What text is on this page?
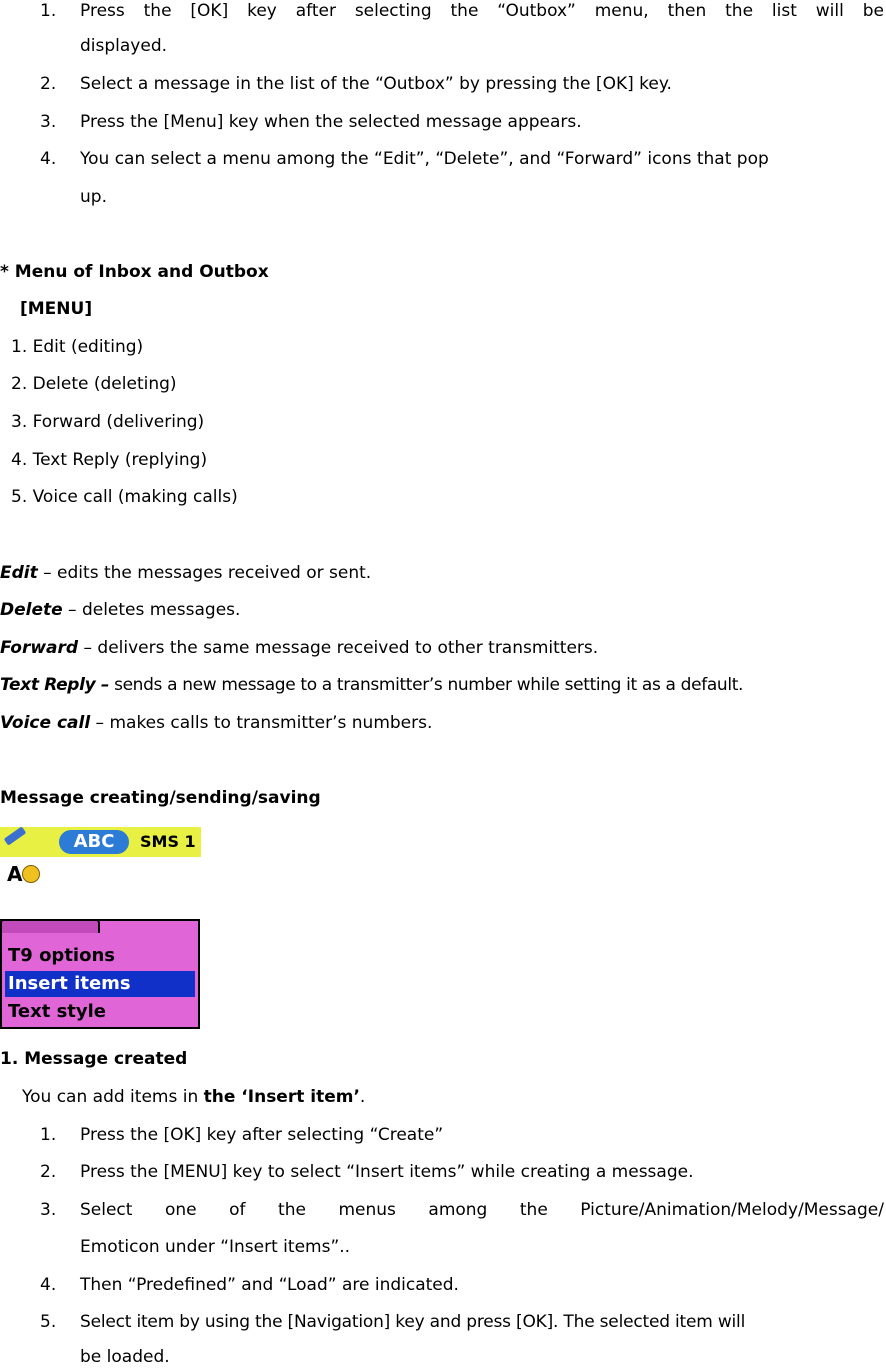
1. Press the [OK] key after selecting the “Outbox” menu, then the list will be
displayed.
2. Select a message in the list of the “Outbox” by pressing the [OK] key.
3. Press the [Menu] key when the selected message appears.
4. You can select a menu among the “Edit”, “Delete”, and “Forward” icons that pop
up.
* Menu of Inbox and Outbox
[MENU]
1. Edit (editing)
2. Delete (deleting)
3. Forward (delivering)
4. Text Reply (replying)
5. Voice call (making calls)
Edit – edits the messages received or sent.
Delete – deletes messages.
Forward – delivers the same message received to other transmitters.
Text Reply – sends a new message to a transmitter’s number while setting it as a default.
Voice call – makes calls to transmitter’s numbers.
Message creating/sending/saving
ABC	SMS 1
A
T9 options
Insert items
Text style
1. Message created
You can add items in the ‘Insert item’.
1. Press the [OK] key after selecting “Create”
2. Press the [MENU] key to select “Insert items” while creating a message.
3. Select one of the menus among the Picture/Animation/Melody/Message/
Emoticon under “Insert items”..
4. Then “Predefined” and “Load” are indicated.
5. Select item by using the [Navigation] key and press [OK]. The selected item will
be loaded.
